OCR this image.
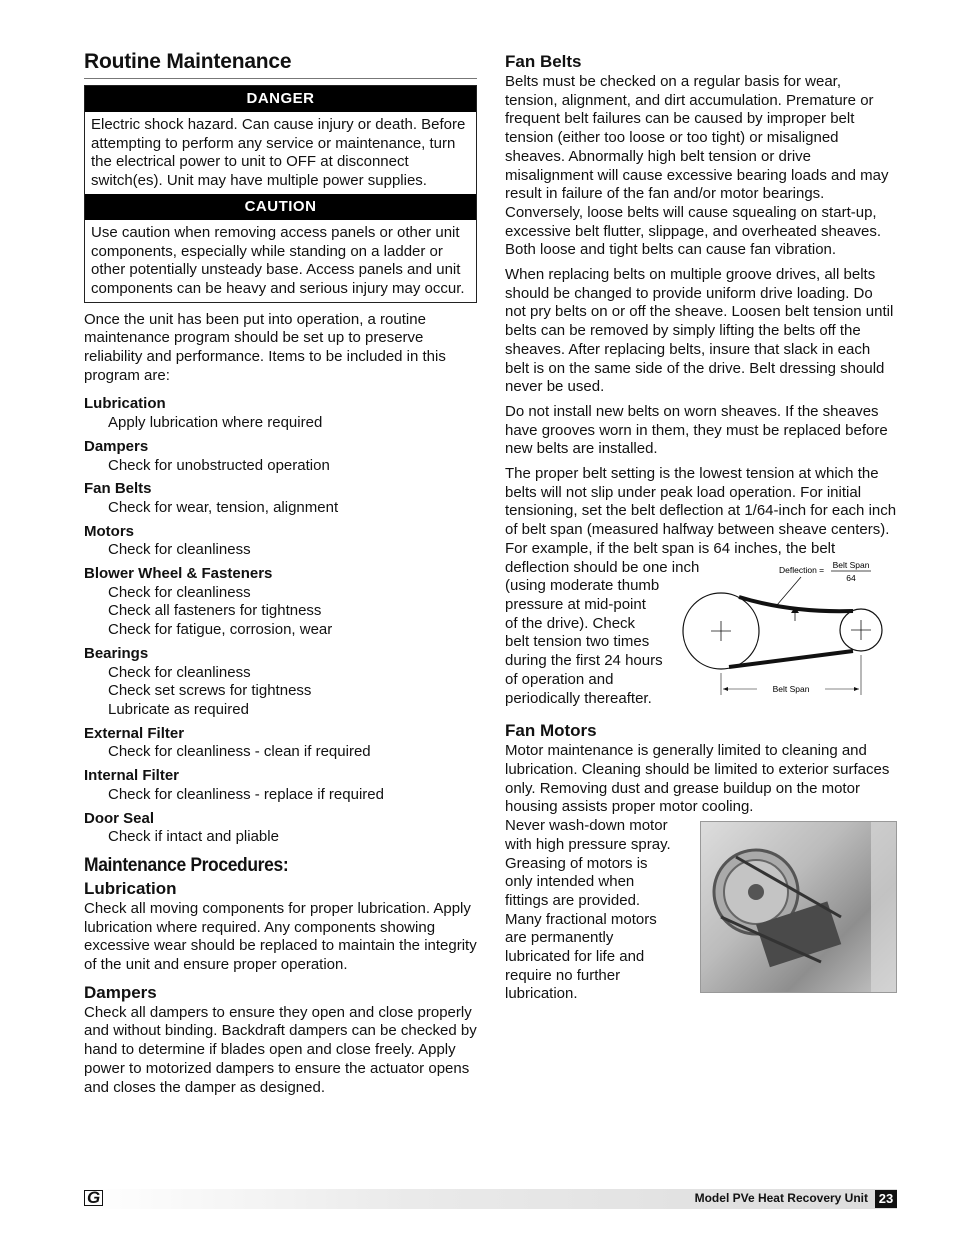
Routine Maintenance
DANGER
Electric shock hazard. Can cause injury or death. Before attempting to perform any service or maintenance, turn the electrical power to unit to OFF at disconnect switch(es). Unit may have multiple power supplies.
CAUTION
Use caution when removing access panels or other unit components, especially while standing on a ladder or other potentially unsteady base. Access panels and unit components can be heavy and serious injury may occur.

Once the unit has been put into operation, a routine maintenance program should be set up to preserve reliability and performance. Items to be included in this program are:

Lubrication
Apply lubrication where required
Dampers
Check for unobstructed operation
Fan Belts
Check for wear, tension, alignment
Motors
Check for cleanliness
Blower Wheel & Fasteners
Check for cleanliness
Check all fasteners for tightness
Check for fatigue, corrosion, wear
Bearings
Check for cleanliness
Check set screws for tightness
Lubricate as required
External Filter
Check for cleanliness - clean if required
Internal Filter
Check for cleanliness - replace if required
Door Seal
Check if intact and pliable
Maintenance Procedures:
Lubrication

Check all moving components for proper lubrication. Apply lubrication where required. Any components showing excessive wear should be replaced to maintain the integrity of the unit and ensure proper operation.

Dampers

Check all dampers to ensure they open and close properly and without binding. Backdraft dampers can be checked by hand to determine if blades open and close freely. Apply power to motorized dampers to ensure the actuator opens and closes the damper as designed.

Fan Belts

Belts must be checked on a regular basis for wear, tension, alignment, and dirt accumulation. Premature or frequent belt failures can be caused by improper belt tension (either too loose or too tight) or misaligned sheaves. Abnormally high belt tension or drive misalignment will cause excessive bearing loads and may result in failure of the fan and/or motor bearings. Conversely, loose belts will cause squealing on start-up, excessive belt flutter, slippage, and overheated sheaves. Both loose and tight belts can cause fan vibration.

When replacing belts on multiple groove drives, all belts should be changed to provide uniform drive loading. Do not pry belts on or off the sheave. Loosen belt tension until belts can be removed by simply lifting the belts off the sheaves. After replacing belts, insure that slack in each belt is on the same side of the drive. Belt dressing should never be used.

Do not install new belts on worn sheaves. If the sheaves have grooves worn in them, they must be replaced before new belts are installed.

The proper belt setting is the lowest tension at which the belts will not slip under peak load operation. For initial tensioning, set the belt deflection at 1/64-inch for each inch of belt span (measured halfway between sheave centers). For example, if the belt span is 64 inches, the belt deflection should be one inch

(using moderate thumb

pressure at mid-point

of the drive). Check

belt tension two times

during the first 24 hours

of operation and

periodically thereafter.

Deflection = Belt Span
64
Belt Span
Fan Motors

Motor maintenance is generally limited to cleaning and lubrication. Cleaning should be limited to exterior surfaces only. Removing dust and grease buildup on the motor housing assists proper motor cooling.

Never wash-down motor

with high pressure spray.

Greasing of motors is

only intended when

fittings are provided.

Many fractional motors

are permanently

lubricated for life and

require no further

lubrication.

G	Model PVe Heat Recovery Unit 23
